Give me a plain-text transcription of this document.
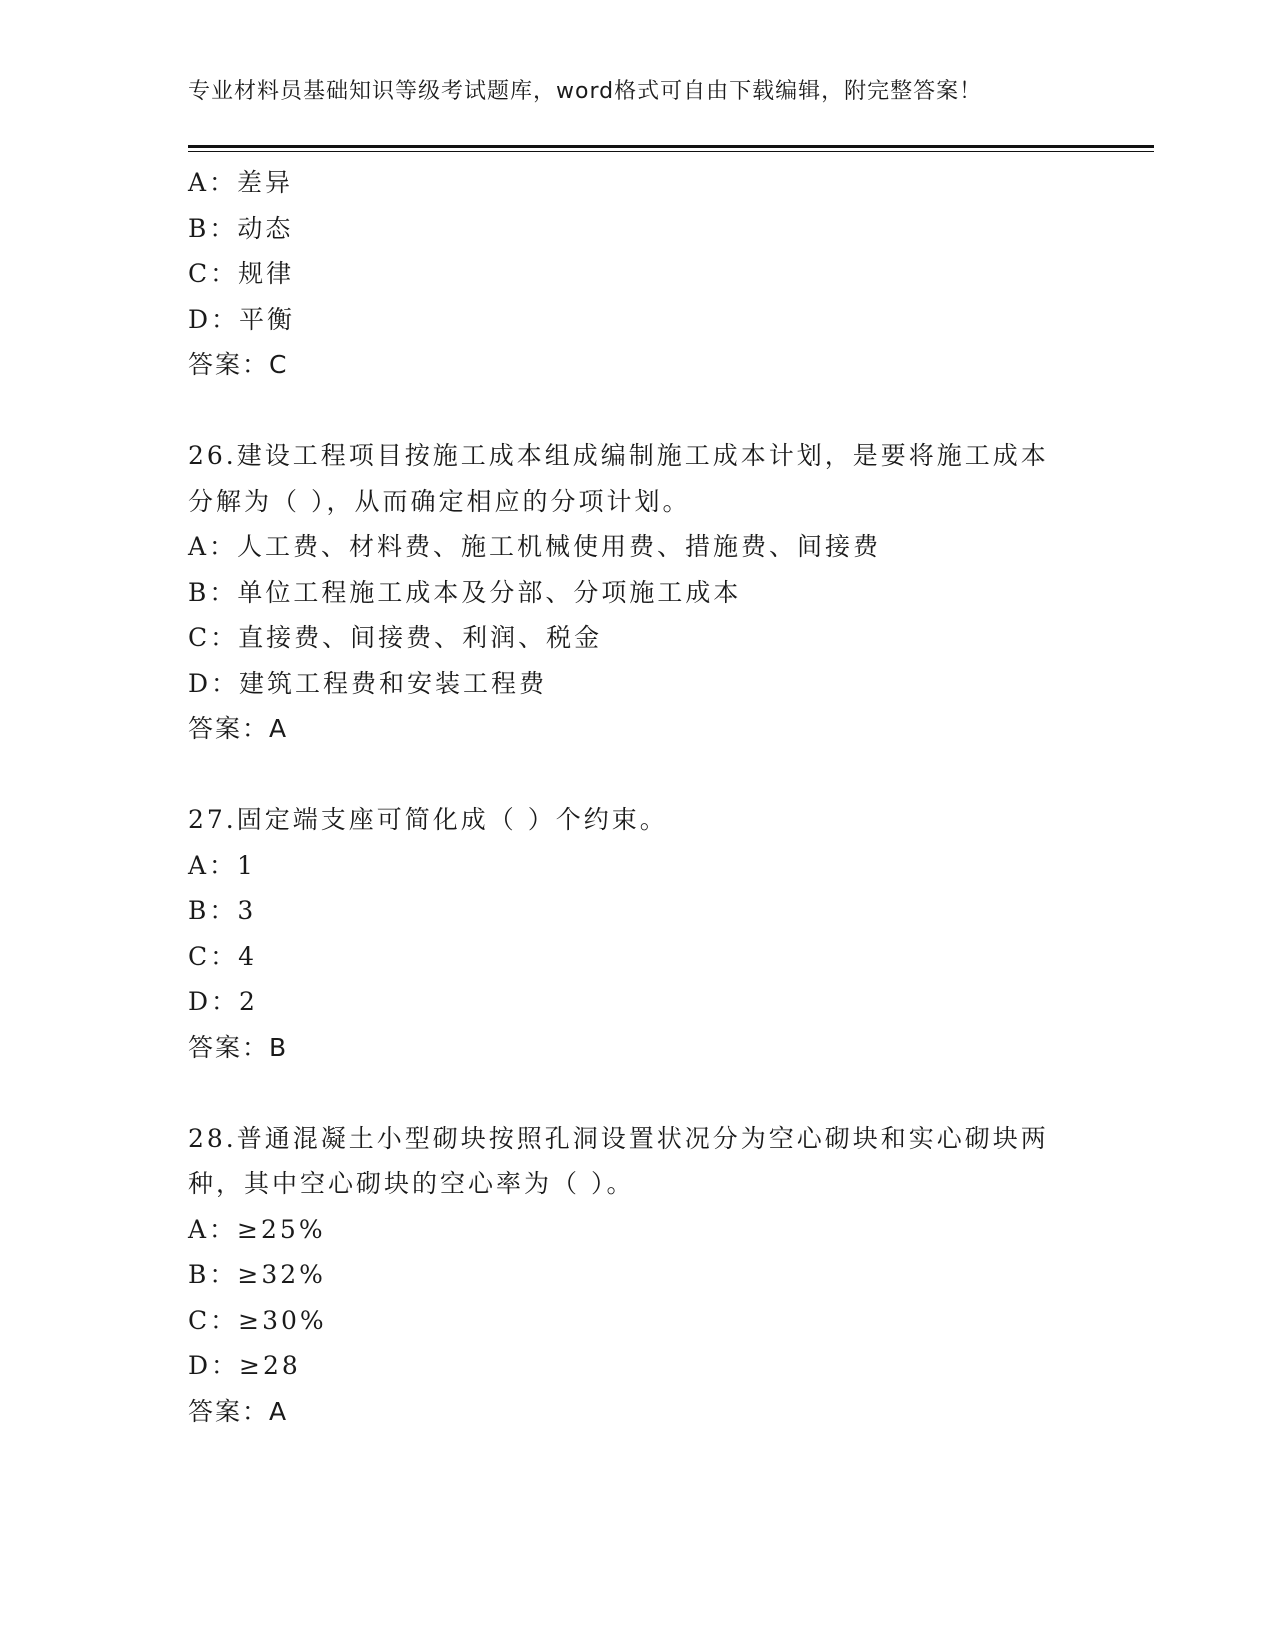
专业材料员基础知识等级考试题库，word格式可自由下载编辑，附完整答案！
A：差异
B：动态
C：规律
D：平衡
答案：C
26.建设工程项目按施工成本组成编制施工成本计划，是要将施工成本
分解为（ ），从而确定相应的分项计划。
A：人工费、材料费、施工机械使用费、措施费、间接费
B：单位工程施工成本及分部、分项施工成本
C：直接费、间接费、利润、税金
D：建筑工程费和安装工程费
答案：A
27.固定端支座可简化成（ ）个约束。
A：1
B：3
C：4
D：2
答案：B
28.普通混凝土小型砌块按照孔洞设置状况分为空心砌块和实心砌块两
种，其中空心砌块的空心率为（ ）。
A：≥25%
B：≥32%
C：≥30%
D：≥28
答案：A
